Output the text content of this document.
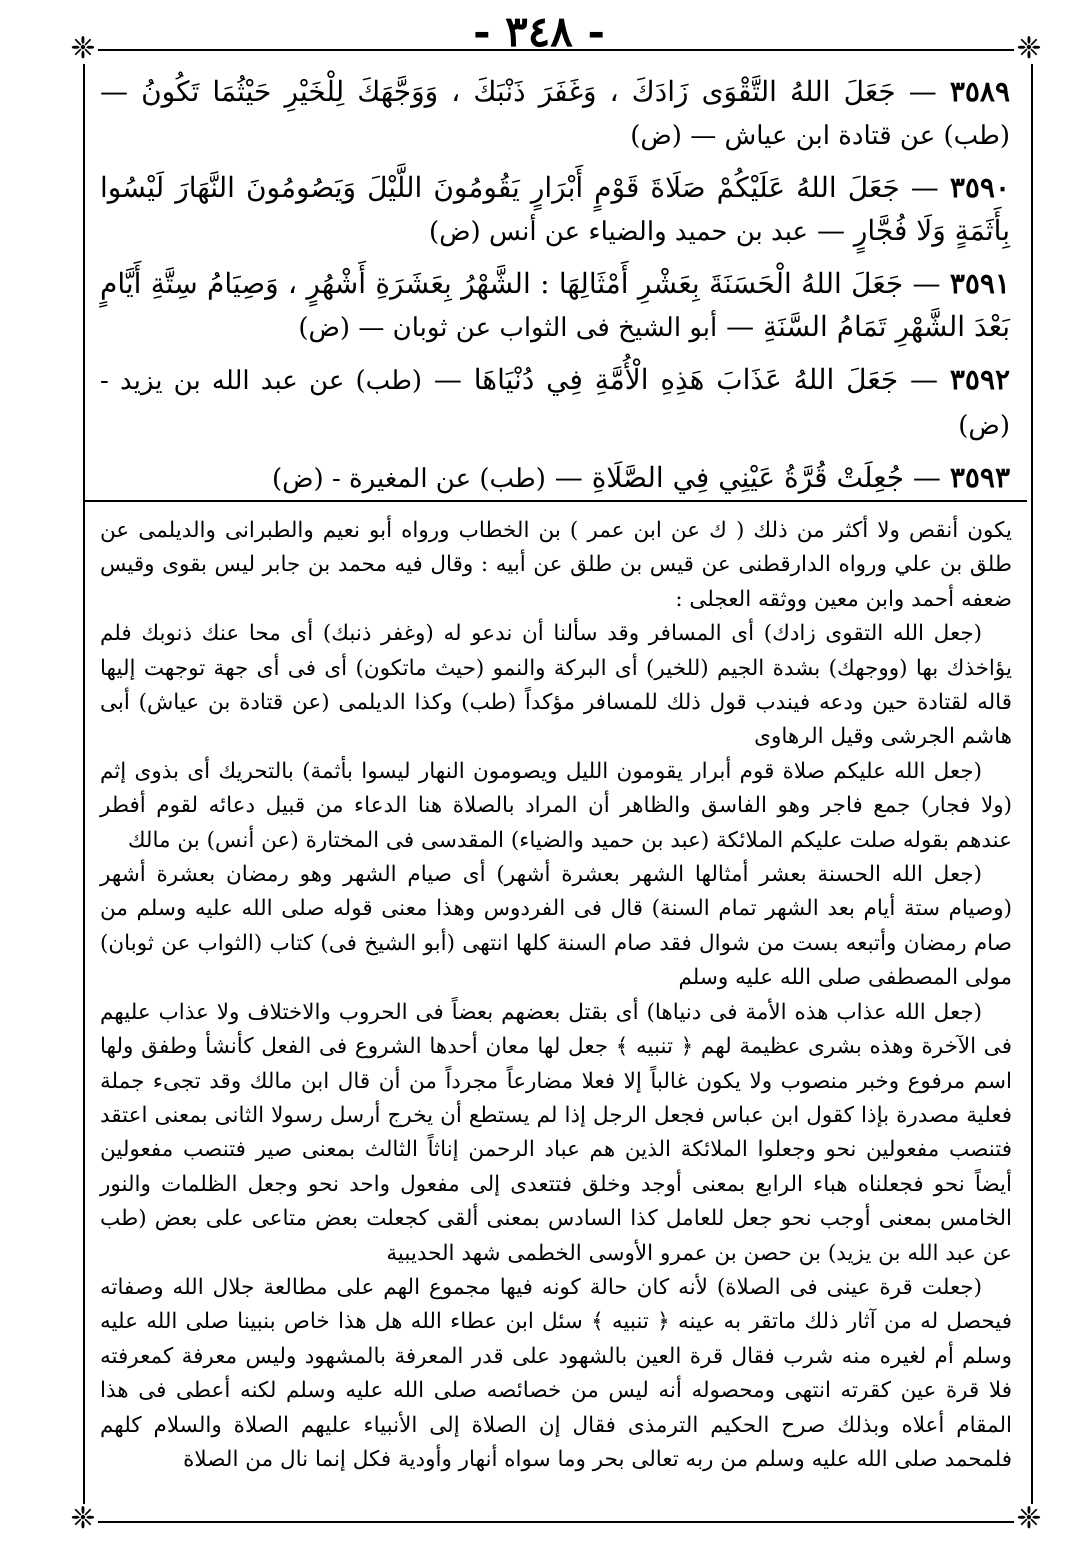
- ٣٤٨ -
❈	❈
❈	❈

٣٥٨٩ — جَعَلَ اللهُ التَّقْوَى زَادَكَ ، وَغَفَرَ ذَنْبَكَ ، وَوَجَّهَكَ لِلْخَيْرِ حَيْثُمَا تَكُونُ — (طب) عن قتادة ابن عياش — (ض)

٣٥٩٠ — جَعَلَ اللهُ عَلَيْكُمْ صَلَاةَ قَوْمٍ أَبْرَارٍ يَقُومُونَ اللَّيْلَ وَيَصُومُونَ النَّهَارَ لَيْسُوا بِأَثَمَةٍ وَلَا فُجَّارٍ — عبد بن حميد والضياء عن أنس (ض)

٣٥٩١ — جَعَلَ اللهُ الْحَسَنَةَ بِعَشْرِ أَمْثَالِهَا : الشَّهْرُ بِعَشَرَةِ أَشْهُرٍ ، وَصِيَامُ سِتَّةِ أَيَّامٍ بَعْدَ الشَّهْرِ تَمَامُ السَّنَةِ — أبو الشيخ فى الثواب عن ثوبان — (ض)

٣٥٩٢ — جَعَلَ اللهُ عَذَابَ هَذِهِ الْأُمَّةِ فِي دُنْيَاهَا — (طب) عن عبد الله بن يزيد - (ض)

٣٥٩٣ — جُعِلَتْ قُرَّةُ عَيْنِي فِي الصَّلَاةِ — (طب) عن المغيرة - (ض)

يكون أنقص ولا أكثر من ذلك ( ك عن ابن عمر ) بن الخطاب ورواه أبو نعيم والطبرانى والديلمى عن طلق بن علي ورواه الدارقطنى عن قيس بن طلق عن أبيه : وقال فيه محمد بن جابر ليس بقوى وقيس ضعفه أحمد وابن معين ووثقه العجلى :

(جعل الله التقوى زادك) أى المسافر وقد سألنا أن ندعو له (وغفر ذنبك) أى محا عنك ذنوبك فلم يؤاخذك بها (ووجهك) بشدة الجيم (للخير) أى البركة والنمو (حيث ماتكون) أى فى أى جهة توجهت إليها قاله لقتادة حين ودعه فيندب قول ذلك للمسافر مؤكداً (طب) وكذا الديلمى (عن قتادة بن عياش) أبى هاشم الجرشى وقيل الرهاوى

(جعل الله عليكم صلاة قوم أبرار يقومون الليل ويصومون النهار ليسوا بأثمة) بالتحريك أى بذوى إثم (ولا فجار) جمع فاجر وهو الفاسق والظاهر أن المراد بالصلاة هنا الدعاء من قبيل دعائه لقوم أفطر عندهم بقوله صلت عليكم الملائكة (عبد بن حميد والضياء) المقدسى فى المختارة (عن أنس) بن مالك

(جعل الله الحسنة بعشر أمثالها الشهر بعشرة أشهر) أى صيام الشهر وهو رمضان بعشرة أشهر (وصيام ستة أيام بعد الشهر تمام السنة) قال فى الفردوس وهذا معنى قوله صلى الله عليه وسلم من صام رمضان وأتبعه بست من شوال فقد صام السنة كلها انتهى (أبو الشيخ فى) كتاب (الثواب عن ثوبان) مولى المصطفى صلى الله عليه وسلم

(جعل الله عذاب هذه الأمة فى دنياها) أى بقتل بعضهم بعضاً فى الحروب والاختلاف ولا عذاب عليهم فى الآخرة وهذه بشرى عظيمة لهم ﴿ تنبيه ﴾ جعل لها معان أحدها الشروع فى الفعل كأنشأ وطفق ولها اسم مرفوع وخبر منصوب ولا يكون غالباً إلا فعلا مضارعاً مجرداً من أن قال ابن مالك وقد تجىء جملة فعلية مصدرة بإذا كقول ابن عباس فجعل الرجل إذا لم يستطع أن يخرج أرسل رسولا الثانى بمعنى اعتقد فتنصب مفعولين نحو وجعلوا الملائكة الذين هم عباد الرحمن إناثاً الثالث بمعنى صير فتنصب مفعولين أيضاً نحو فجعلناه هباء الرابع بمعنى أوجد وخلق فتتعدى إلى مفعول واحد نحو وجعل الظلمات والنور الخامس بمعنى أوجب نحو جعل للعامل كذا السادس بمعنى ألقى كجعلت بعض متاعى على بعض (طب عن عبد الله بن يزيد) بن حصن بن عمرو الأوسى الخطمى شهد الحديبية

(جعلت قرة عينى فى الصلاة) لأنه كان حالة كونه فيها مجموع الهم على مطالعة جلال الله وصفاته فيحصل له من آثار ذلك ماتقر به عينه ﴿ تنبيه ﴾ سئل ابن عطاء الله هل هذا خاص بنبينا صلى الله عليه وسلم أم لغيره منه شرب فقال قرة العين بالشهود على قدر المعرفة بالمشهود وليس معرفة كمعرفته فلا قرة عين كقرته انتهى ومحصوله أنه ليس من خصائصه صلى الله عليه وسلم لكنه أعطى فى هذا المقام أعلاه وبذلك صرح الحكيم الترمذى فقال إن الصلاة إلى الأنبياء عليهم الصلاة والسلام كلهم فلمحمد صلى الله عليه وسلم من ربه تعالى بحر وما سواه أنهار وأودية فكل إنما نال من الصلاة
